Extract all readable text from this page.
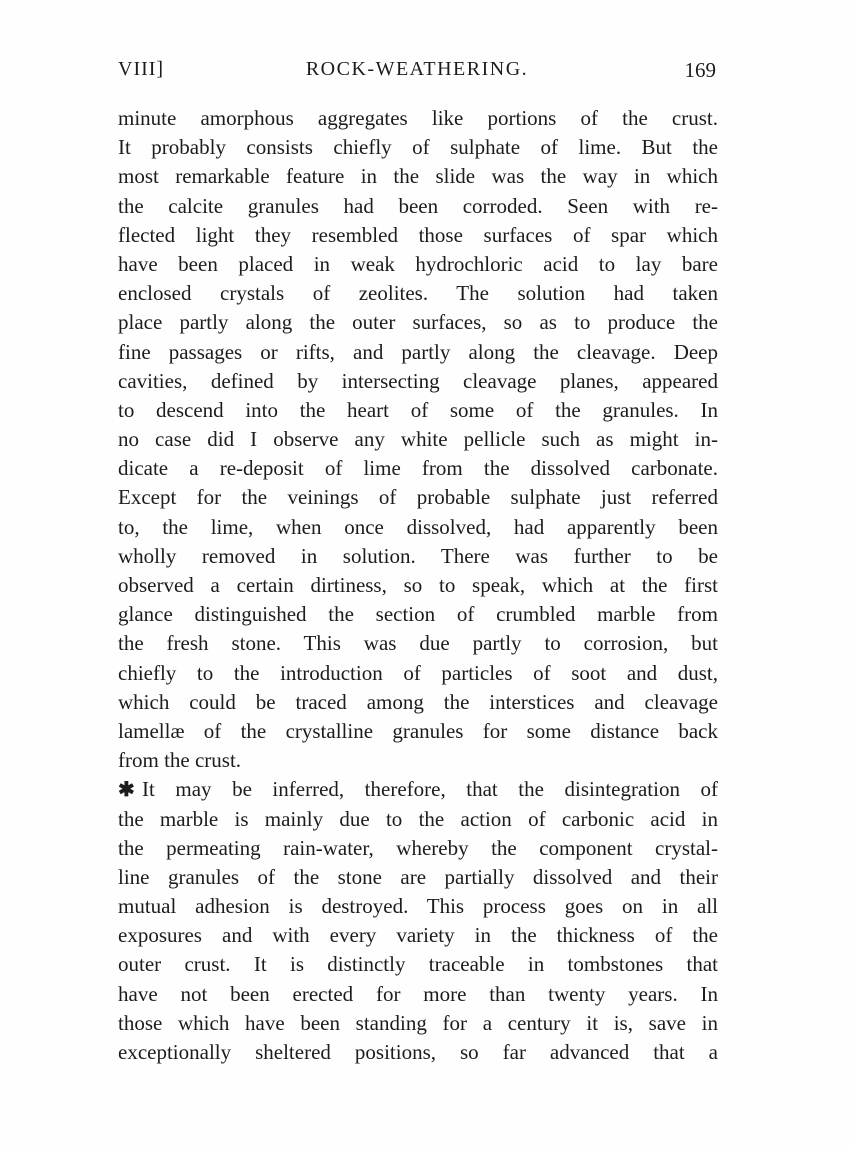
VIII]	ROCK-WEATHERING.	169
minute amorphous aggregates like portions of the crust.
It probably consists chiefly of sulphate of lime. But the
most remarkable feature in the slide was the way in which
the calcite granules had been corroded. Seen with re-
flected light they resembled those surfaces of spar which
have been placed in weak hydrochloric acid to lay bare
enclosed crystals of zeolites. The solution had taken
place partly along the outer surfaces, so as to produce the
fine passages or rifts, and partly along the cleavage. Deep
cavities, defined by intersecting cleavage planes, appeared
to descend into the heart of some of the granules. In
no case did I observe any white pellicle such as might in-
dicate a re-deposit of lime from the dissolved carbonate.
Except for the veinings of probable sulphate just referred
to, the lime, when once dissolved, had apparently been
wholly removed in solution. There was further to be
observed a certain dirtiness, so to speak, which at the first
glance distinguished the section of crumbled marble from
the fresh stone. This was due partly to corrosion, but
chiefly to the introduction of particles of soot and dust,
which could be traced among the interstices and cleavage
lamellæ of the crystalline granules for some distance back
from the crust.
✱ It may be inferred, therefore, that the disintegration of
the marble is mainly due to the action of carbonic acid in
the permeating rain-water, whereby the component crystal-
line granules of the stone are partially dissolved and their
mutual adhesion is destroyed. This process goes on in all
exposures and with every variety in the thickness of the
outer crust. It is distinctly traceable in tombstones that
have not been erected for more than twenty years. In
those which have been standing for a century it is, save in
exceptionally sheltered positions, so far advanced that a
